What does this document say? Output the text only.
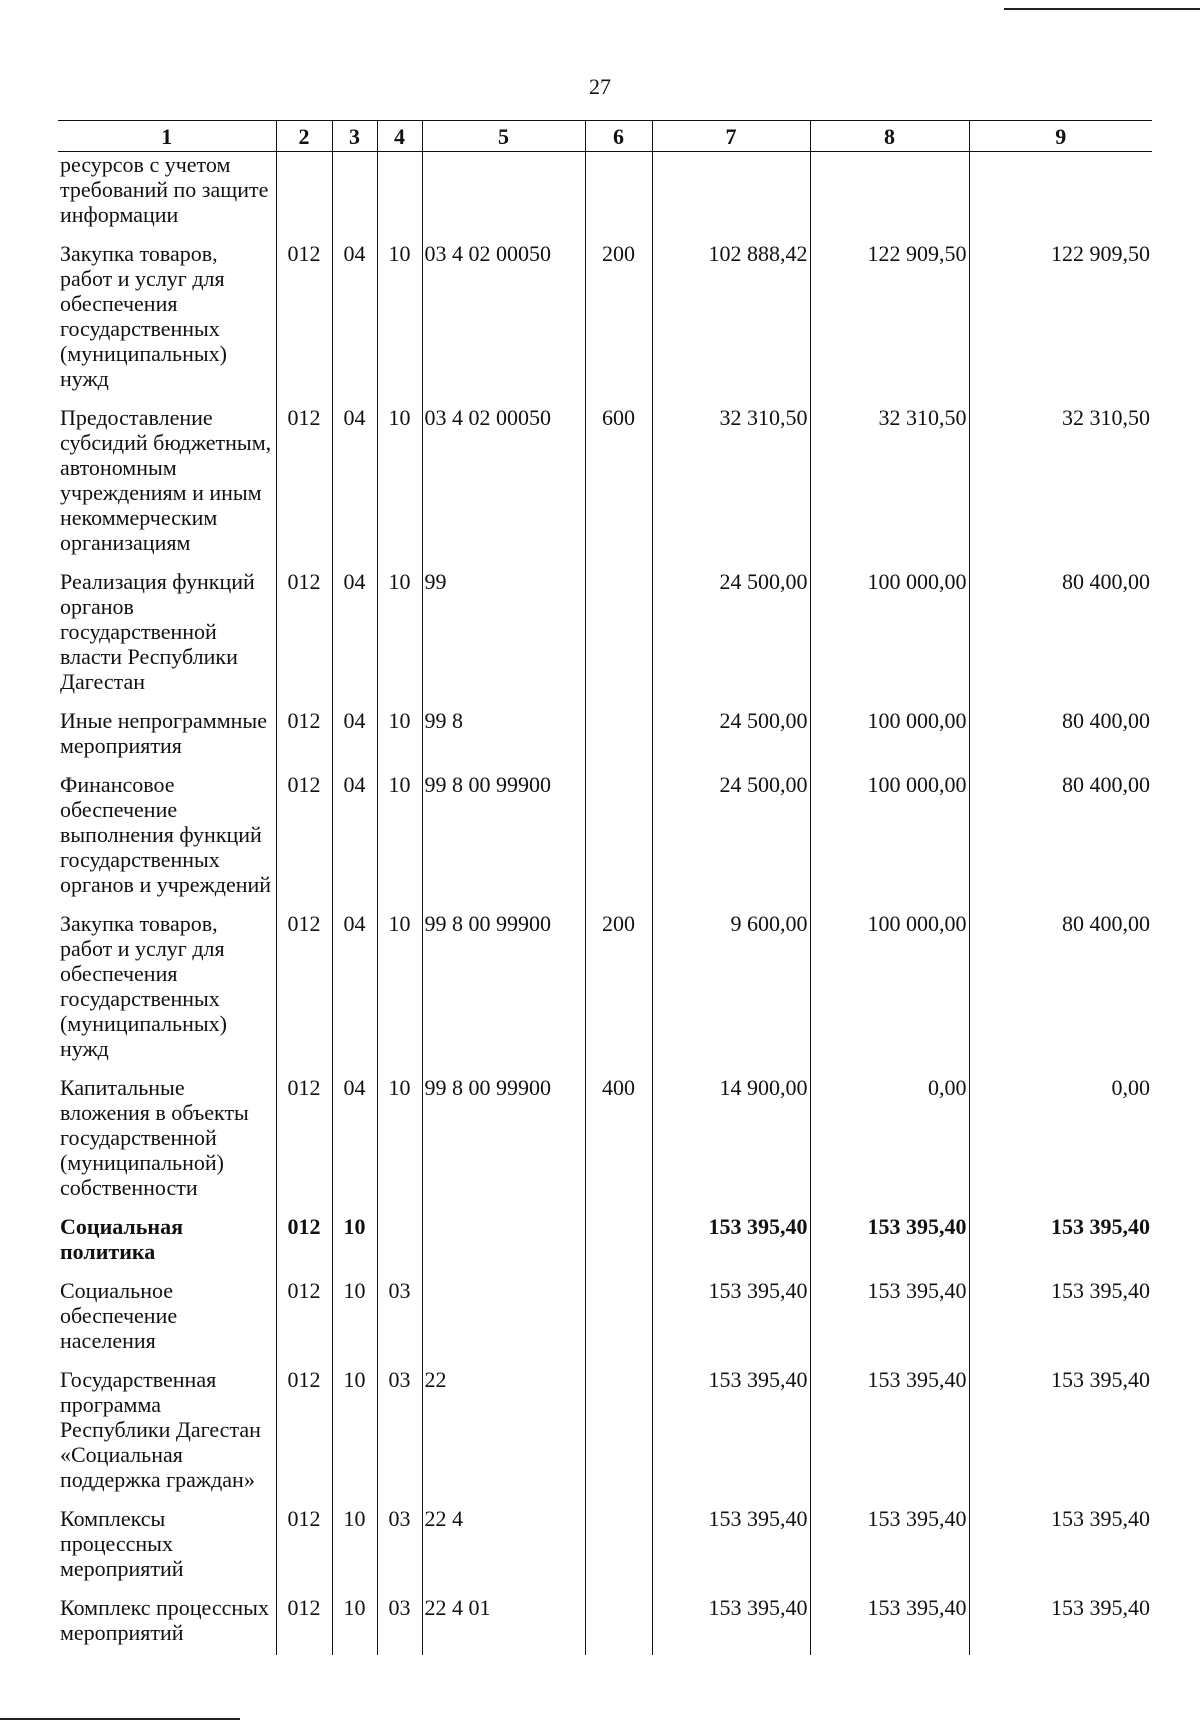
27
1	2	3	4	5	6	7	8	9
ресурсов с учетом требований по защите информации								
Закупка товаров, работ и услуг для обеспечения государственных (муниципальных) нужд	012	04	10	03 4 02 00050	200	102 888,42	122 909,50	122 909,50
Предоставление субсидий бюджетным, автономным учреждениям и иным некоммерческим организациям	012	04	10	03 4 02 00050	600	32 310,50	32 310,50	32 310,50
Реализация функций органов государственной власти Республики Дагестан	012	04	10	99		24 500,00	100 000,00	80 400,00
Иные непрограммные мероприятия	012	04	10	99 8		24 500,00	100 000,00	80 400,00
Финансовое обеспечение выполнения функций государственных органов и учреждений	012	04	10	99 8 00 99900		24 500,00	100 000,00	80 400,00
Закупка товаров, работ и услуг для обеспечения государственных (муниципальных) нужд	012	04	10	99 8 00 99900	200	9 600,00	100 000,00	80 400,00
Капитальные вложения в объекты государственной (муниципальной) собственности	012	04	10	99 8 00 99900	400	14 900,00	0,00	0,00
Социальная политика	012	10				153 395,40	153 395,40	153 395,40
Социальное обеспечение населения	012	10	03			153 395,40	153 395,40	153 395,40
Государственная программа Республики Дагестан «Социальная поддержка граждан»	012	10	03	22		153 395,40	153 395,40	153 395,40
Комплексы процессных мероприятий	012	10	03	22 4		153 395,40	153 395,40	153 395,40
Комплекс процессных мероприятий	012	10	03	22 4 01		153 395,40	153 395,40	153 395,40
